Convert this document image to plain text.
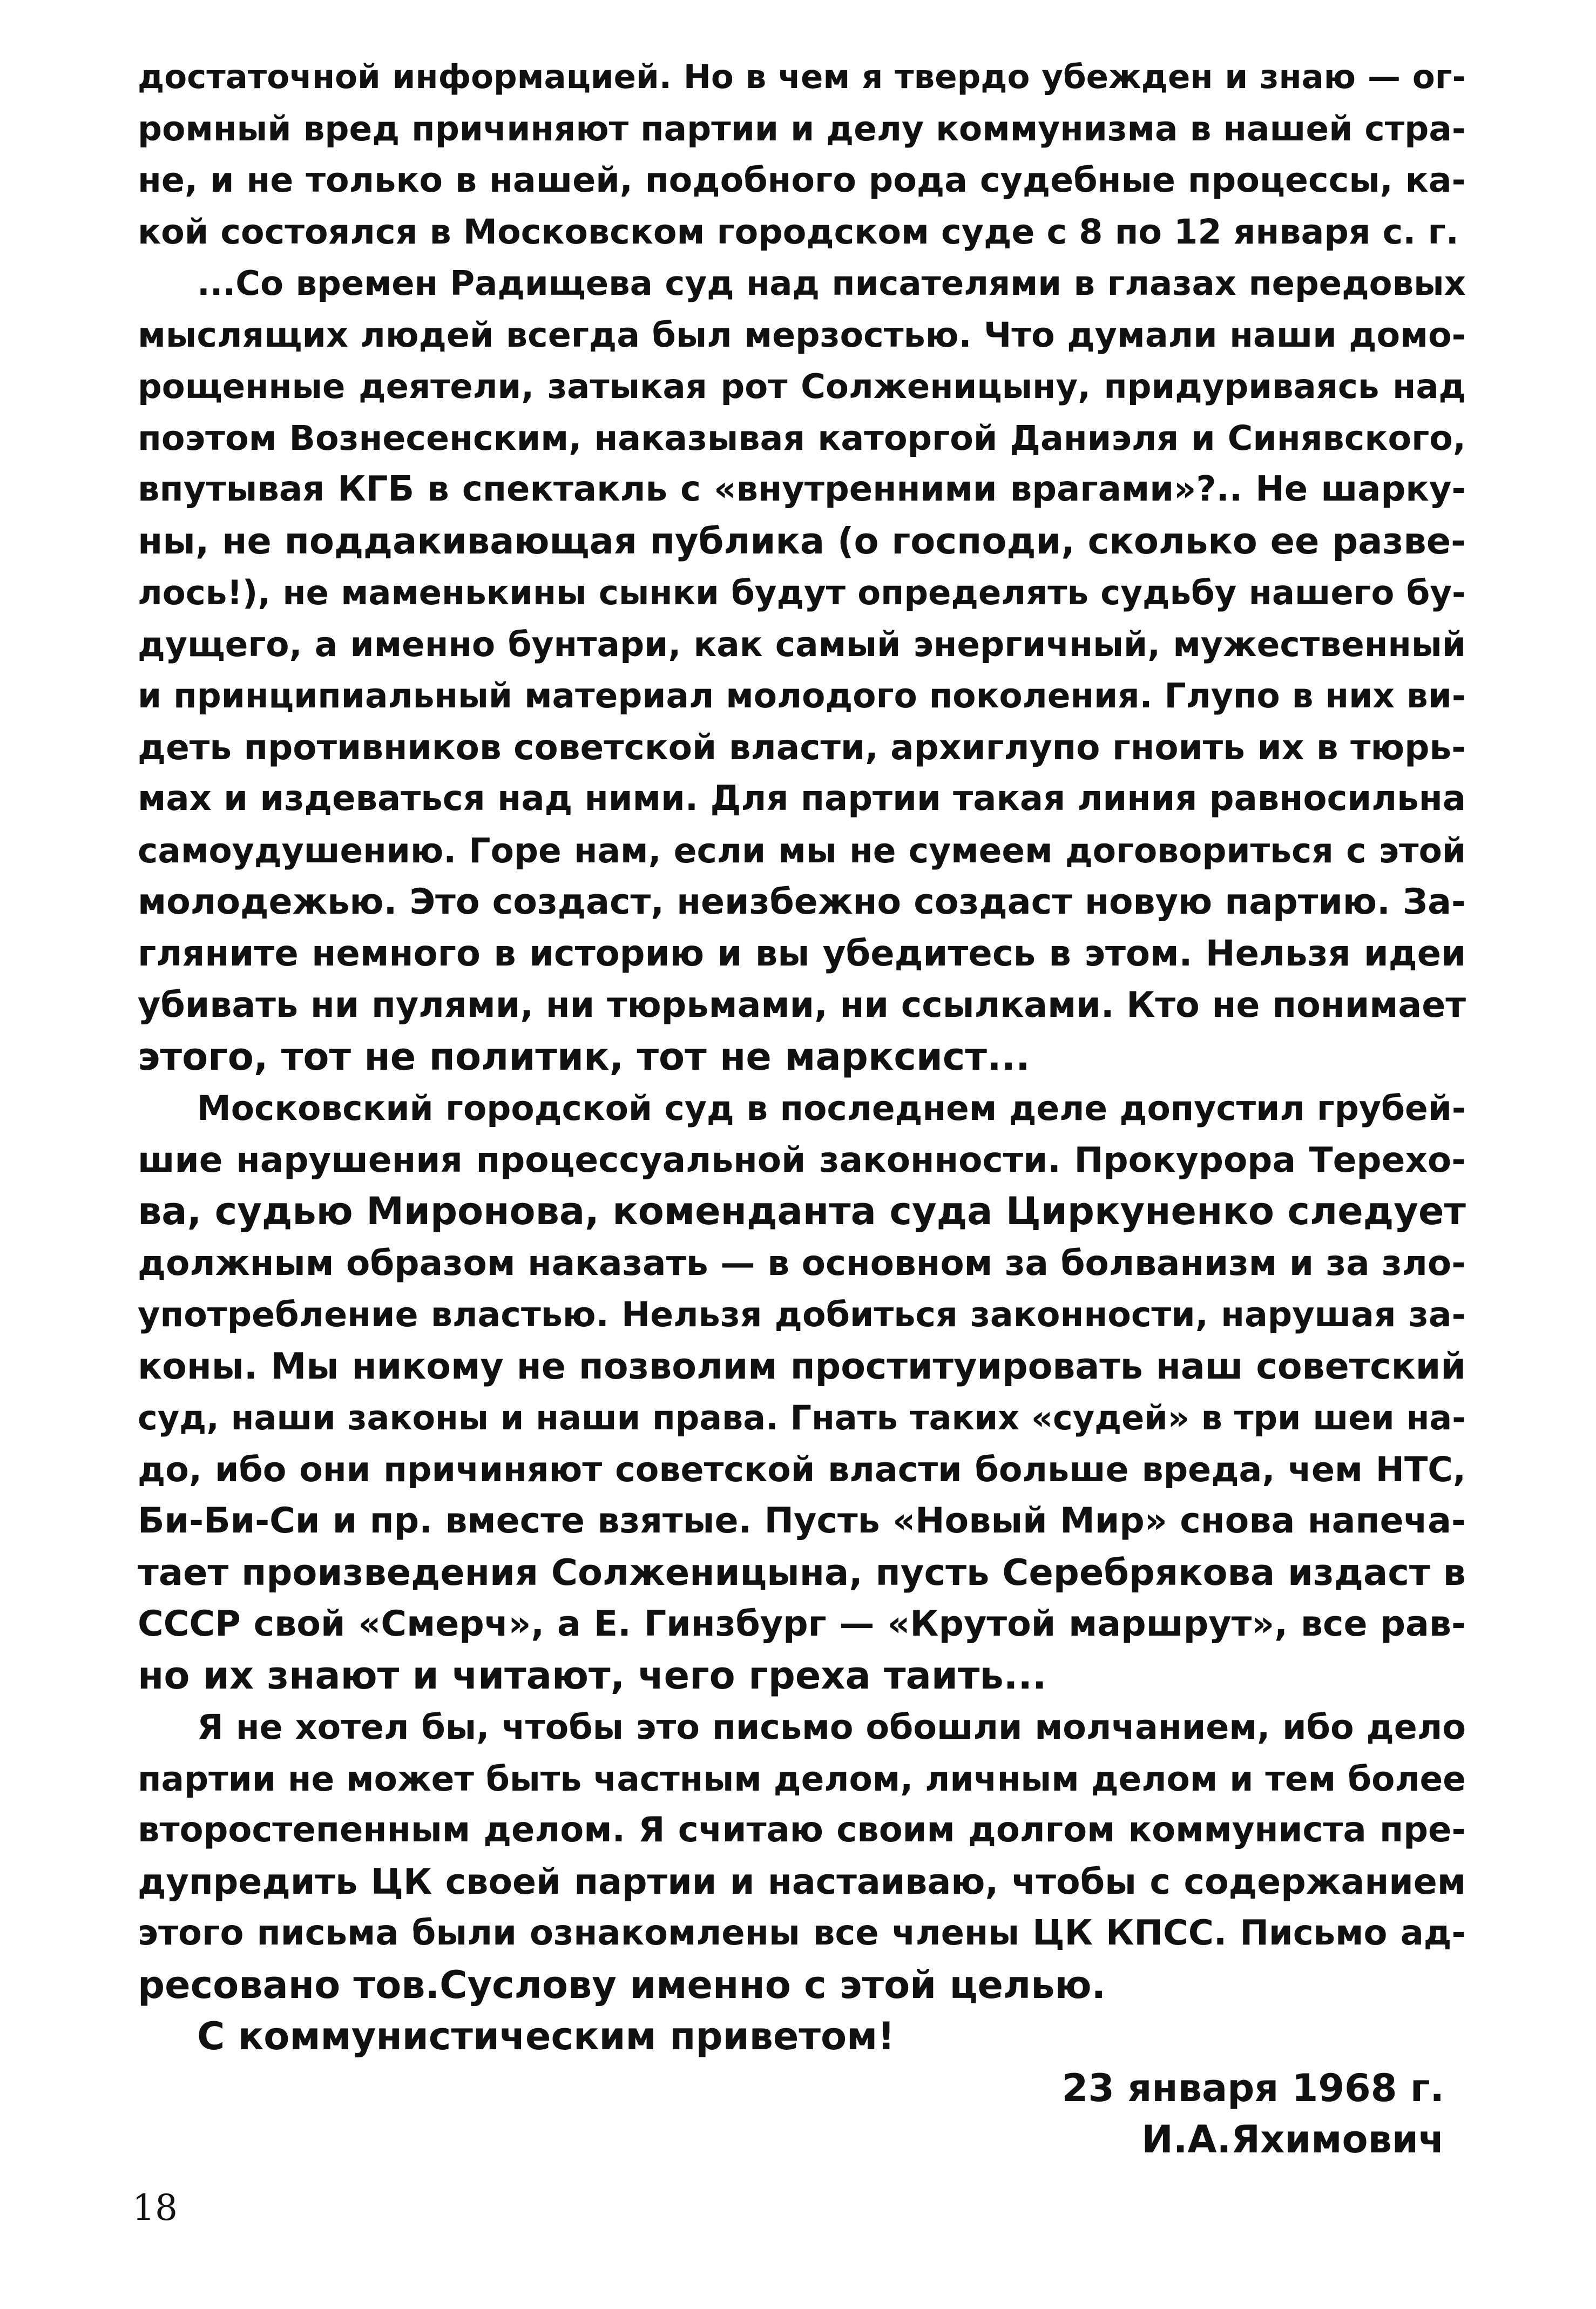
достаточной информацией. Но в чем я твердо убежден и знаю — ог-
ромный вред причиняют партии и делу коммунизма в нашей стра-
не, и не только в нашей, подобного рода судебные процессы, ка-
кой состоялся в Московском городском суде с 8 по 12 января с. г.
...Со времен Радищева суд над писателями в глазах передовых
мыслящих людей всегда был мерзостью. Что думали наши домо-
рощенные деятели, затыкая рот Солженицыну, придуриваясь над
поэтом Вознесенским, наказывая каторгой Даниэля и Синявского,
впутывая КГБ в спектакль с «внутренними врагами»?.. Не шарку-
ны, не поддакивающая публика (о господи, сколько ее разве-
лось!), не маменькины сынки будут определять судьбу нашего бу-
дущего, а именно бунтари, как самый энергичный, мужественный
и принципиальный материал молодого поколения. Глупо в них ви-
деть противников советской власти, архиглупо гноить их в тюрь-
мах и издеваться над ними. Для партии такая линия равносильна
самоудушению. Горе нам, если мы не сумеем договориться с этой
молодежью. Это создаст, неизбежно создаст новую партию. За-
гляните немного в историю и вы убедитесь в этом. Нельзя идеи
убивать ни пулями, ни тюрьмами, ни ссылками. Кто не понимает
этого, тот не политик, тот не марксист...
Московский городской суд в последнем деле допустил грубей-
шие нарушения процессуальной законности. Прокурора Терехо-
ва, судью Миронова, коменданта суда Циркуненко следует
должным образом наказать — в основном за болванизм и за зло-
употребление властью. Нельзя добиться законности, нарушая за-
коны. Мы никому не позволим проституировать наш советский
суд, наши законы и наши права. Гнать таких «судей» в три шеи на-
до, ибо они причиняют советской власти больше вреда, чем НТС,
Би-Би-Си и пр. вместе взятые. Пусть «Новый Мир» снова напеча-
тает произведения Солженицына, пусть Серебрякова издаст в
СССР свой «Смерч», а Е. Гинзбург — «Крутой маршрут», все рав-
но их знают и читают, чего греха таить...
Я не хотел бы, чтобы это письмо обошли молчанием, ибо дело
партии не может быть частным делом, личным делом и тем более
второстепенным делом. Я считаю своим долгом коммуниста пре-
дупредить ЦК своей партии и настаиваю, чтобы с содержанием
этого письма были ознакомлены все члены ЦК КПСС. Письмо ад-
ресовано тов.Суслову именно с этой целью.
С коммунистическим приветом!
23 января 1968 г.
И.А.Яхимович
18
